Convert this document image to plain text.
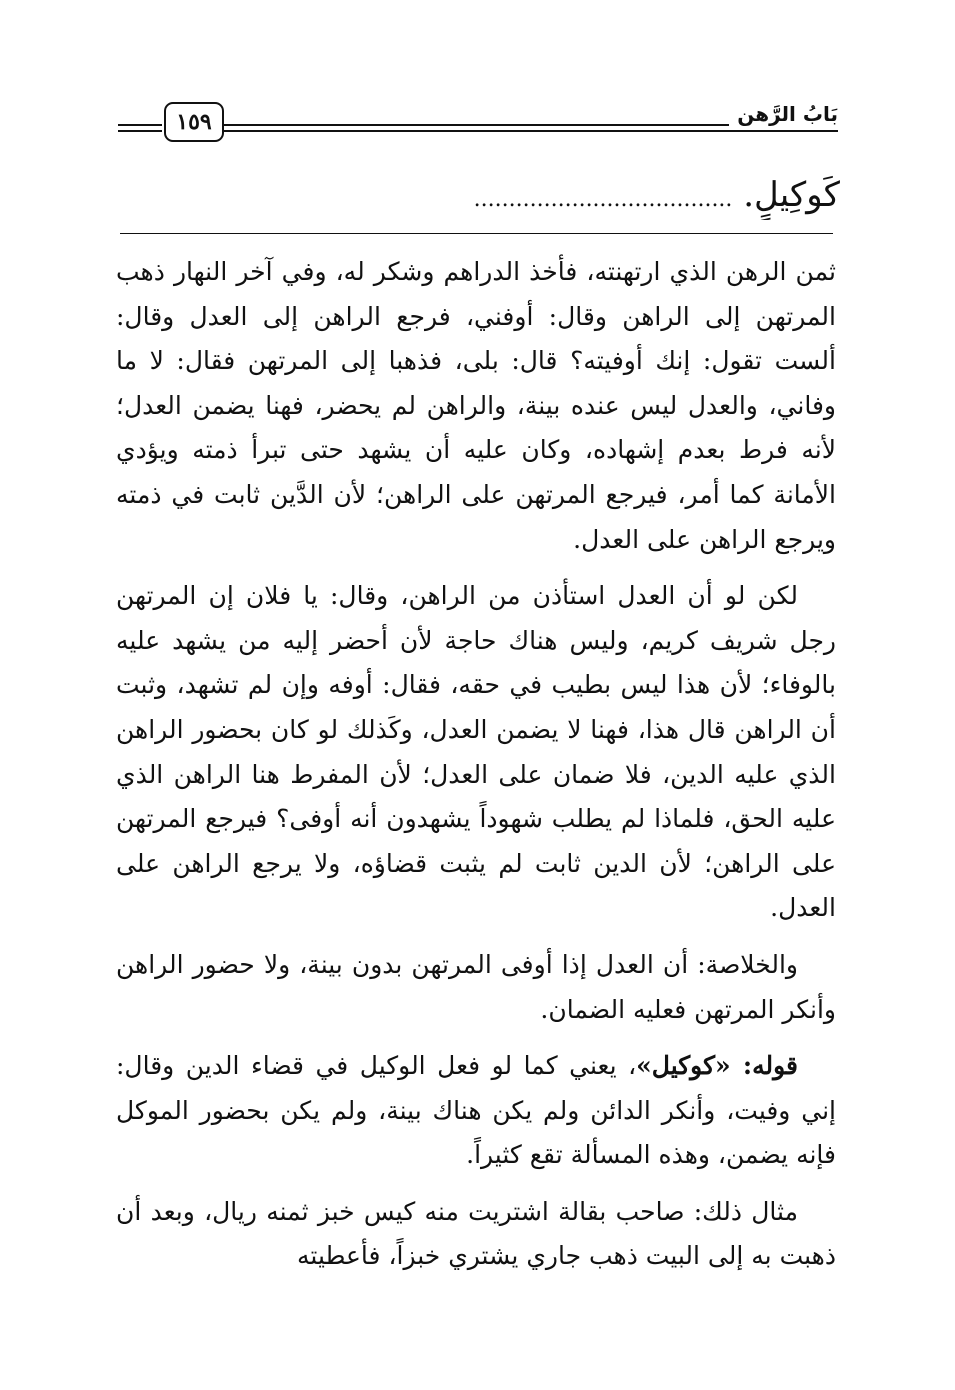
١٥٩	بَابُ الرَّهن
كَوكِيلٍ. .....................................

ثمن الرهن الذي ارتهنته، فأخذ الدراهم وشكر له، وفي آخر النهار ذهب المرتهن إلى الراهن وقال: أوفني، فرجع الراهن إلى العدل وقال: ألست تقول: إنك أوفيته؟ قال: بلى، فذهبا إلى المرتهن فقال: لا ما وفاني، والعدل ليس عنده بينة، والراهن لم يحضر، فهنا يضمن العدل؛ لأنه فرط بعدم إشهاده، وكان عليه أن يشهد حتى تبرأ ذمته ويؤدي الأمانة كما أمر، فيرجع المرتهن على الراهن؛ لأن الدَّين ثابت في ذمته ويرجع الراهن على العدل.

لكن لو أن العدل استأذن من الراهن، وقال: يا فلان إن المرتهن رجل شريف كريم، وليس هناك حاجة لأن أحضر إليه من يشهد عليه بالوفاء؛ لأن هذا ليس بطيب في حقه، فقال: أوفه وإن لم تشهد، وثبت أن الراهن قال هذا، فهنا لا يضمن العدل، وكَذلك لو كان بحضور الراهن الذي عليه الدين، فلا ضمان على العدل؛ لأن المفرط هنا الراهن الذي عليه الحق، فلماذا لم يطلب شهوداً يشهدون أنه أوفى؟ فيرجع المرتهن على الراهن؛ لأن الدين ثابت لم يثبت قضاؤه، ولا يرجع الراهن على العدل.

والخلاصة: أن العدل إذا أوفى المرتهن بدون بينة، ولا حضور الراهن وأنكر المرتهن فعليه الضمان.

قوله: «كوكيل»، يعني كما لو فعل الوكيل في قضاء الدين وقال: إني وفيت، وأنكر الدائن ولم يكن هناك بينة، ولم يكن بحضور الموكل فإنه يضمن، وهذه المسألة تقع كثيراً.

مثال ذلك: صاحب بقالة اشتريت منه كيس خبز ثمنه ريال، وبعد أن ذهبت به إلى البيت ذهب جاري يشتري خبزاً، فأعطيته
